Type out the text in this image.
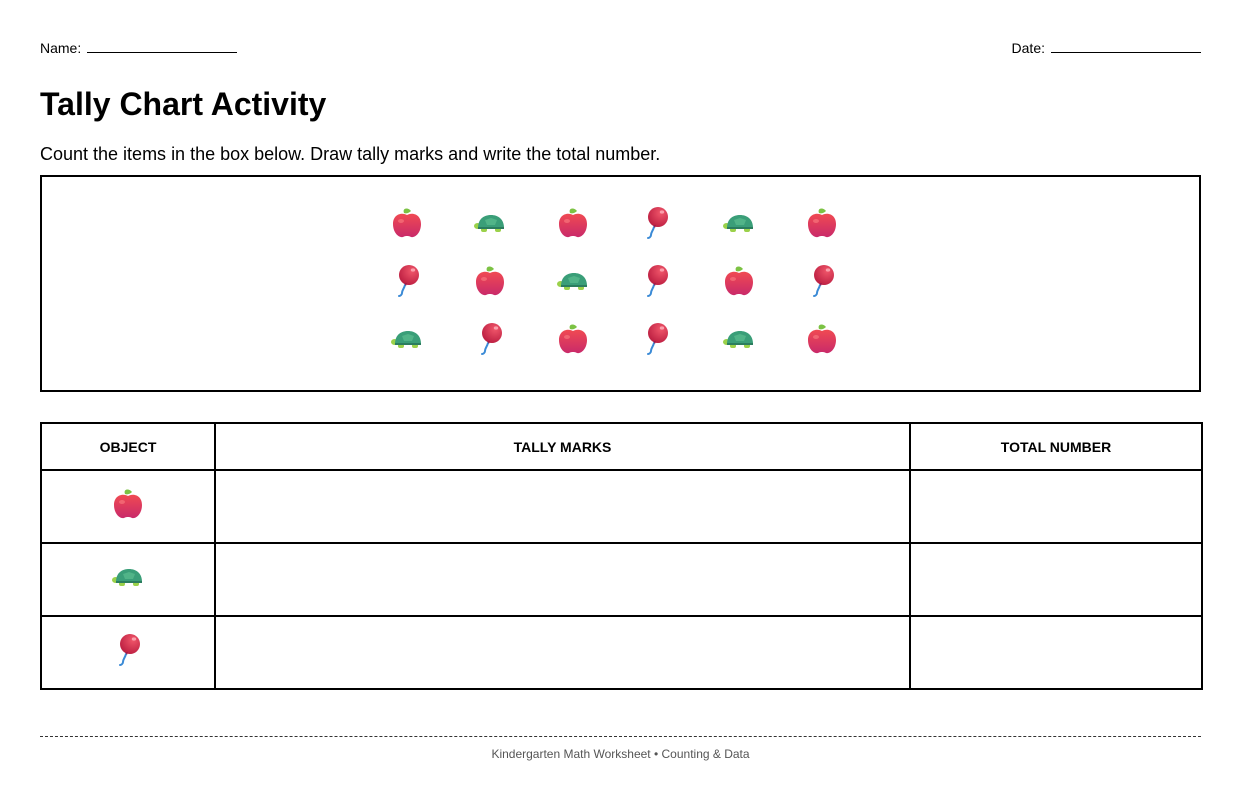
Name:	Date:
Tally Chart Activity

Count the items in the box below. Draw tally marks and write the total number.

OBJECT	TALLY MARKS	TOTAL NUMBER

Kindergarten Math Worksheet • Counting & Data
